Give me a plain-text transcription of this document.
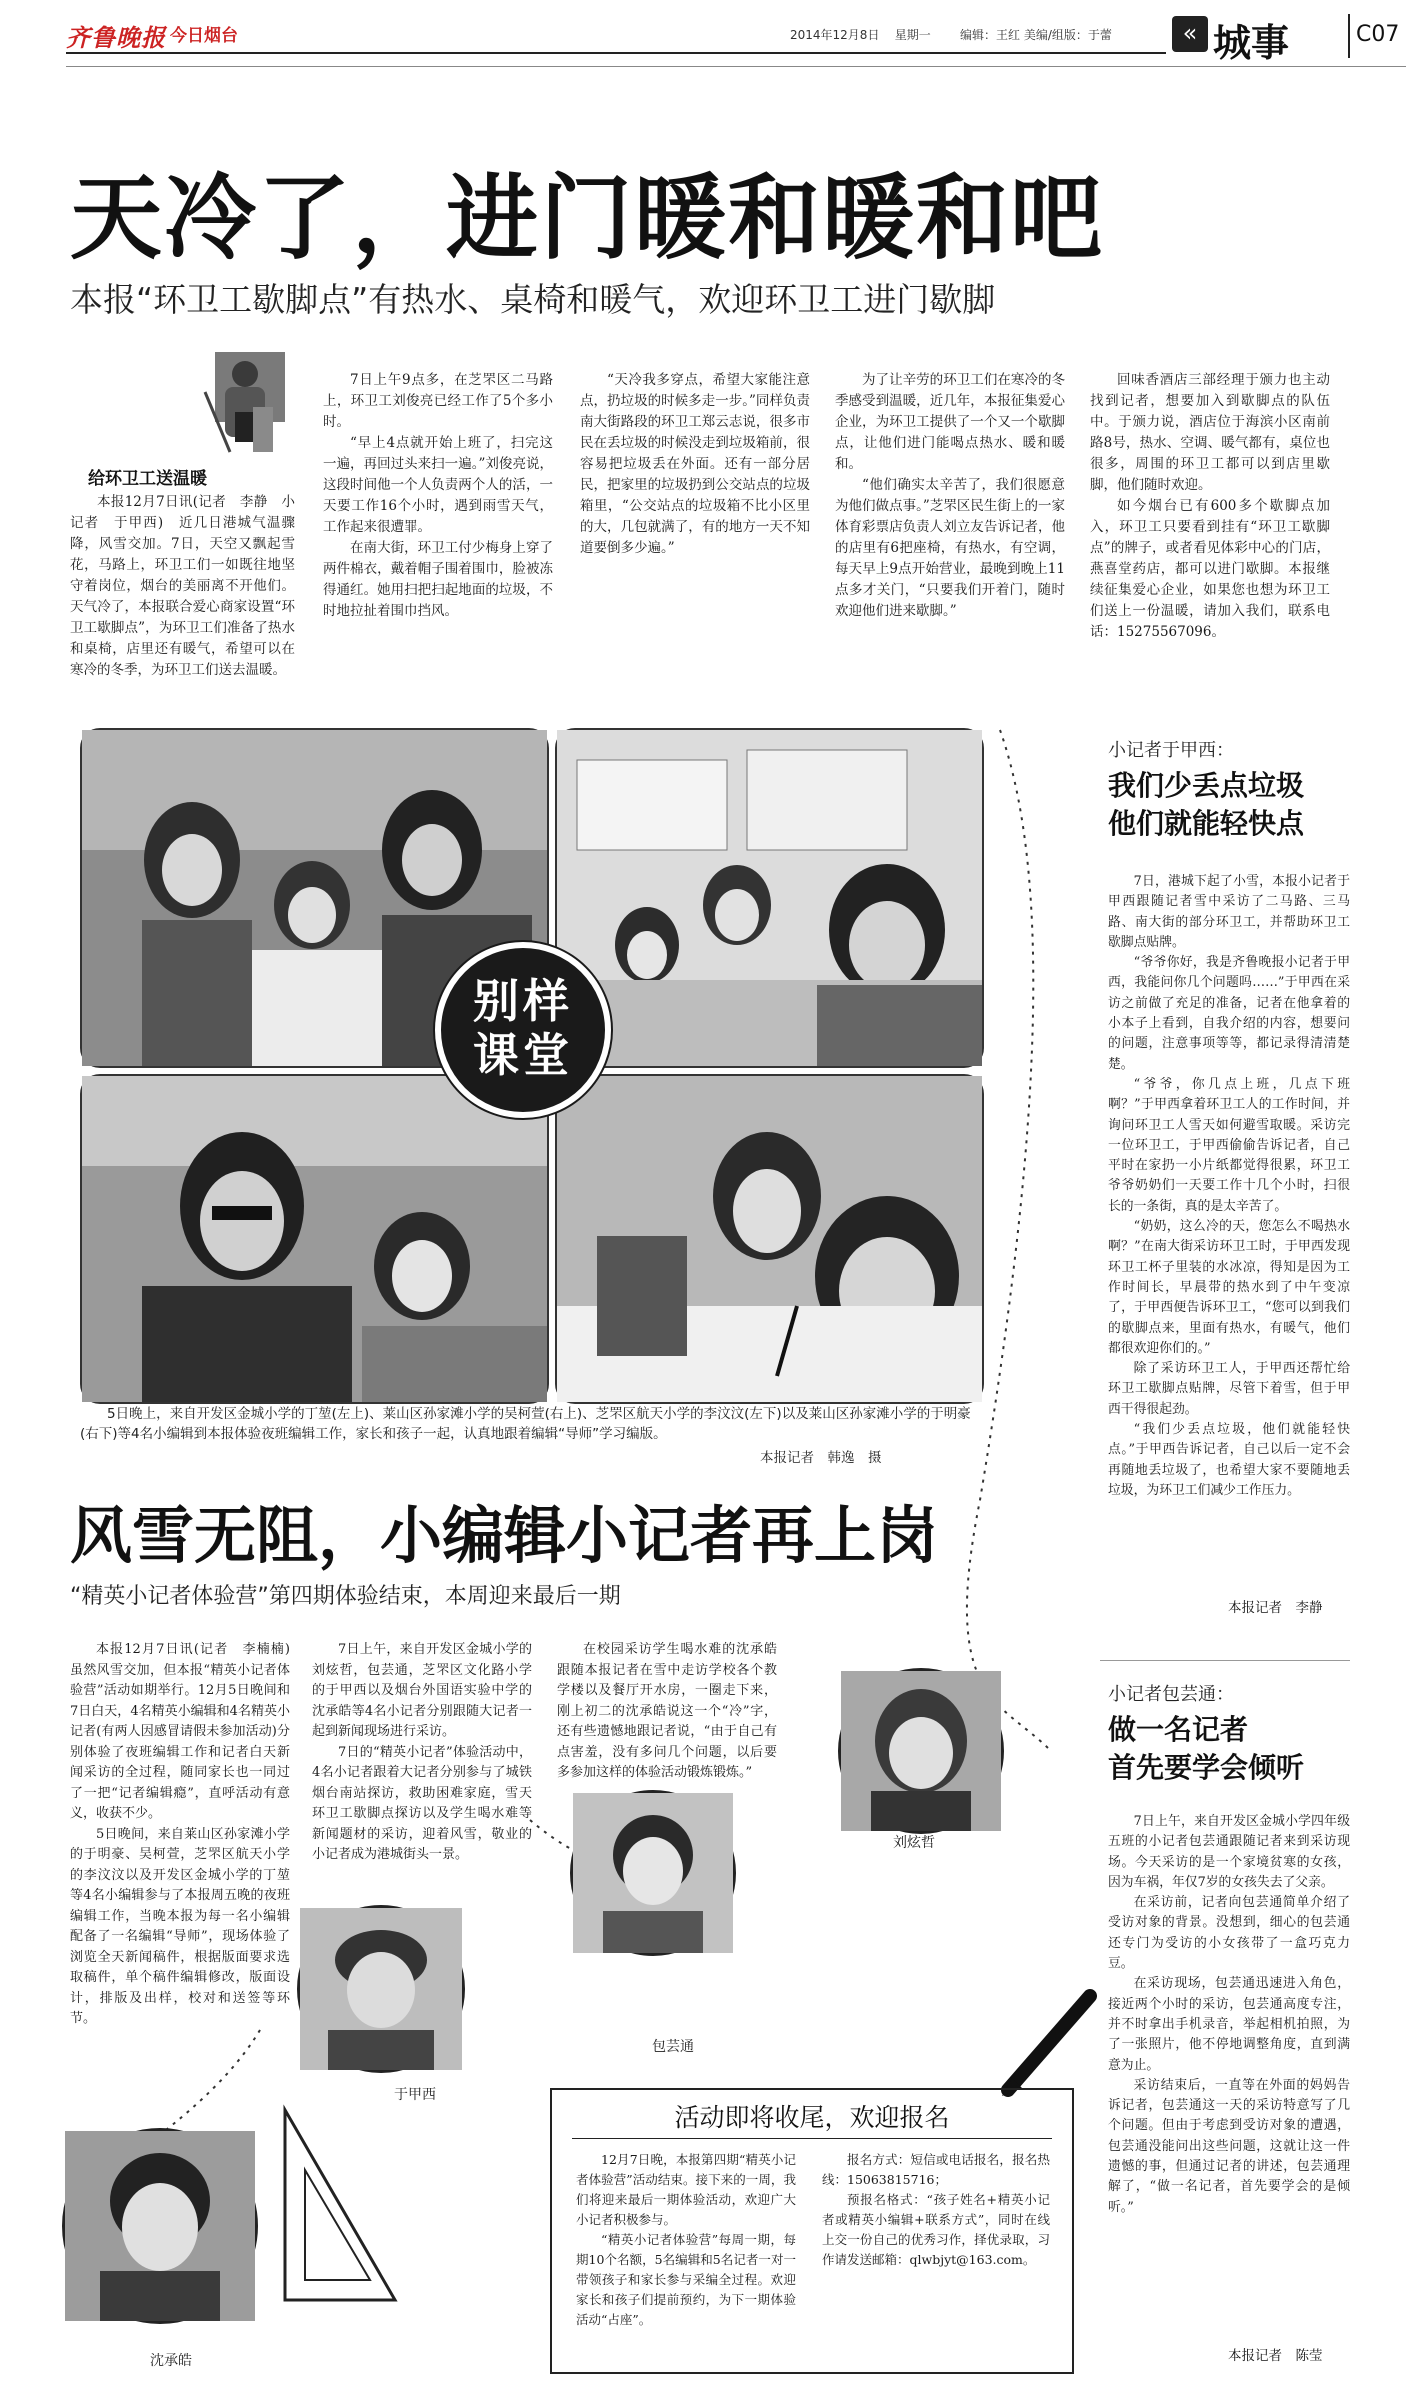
齐鲁晚报 今日烟台	2014年12月8日    星期一 编辑：王红 美编/组版：于蕾	« 城事	C07
天冷了，进门暖和暖和吧
本报“环卫工歇脚点”有热水、桌椅和暖气，欢迎环卫工进门歇脚
给环卫工送温暖
本报12月7日讯(记者　李静　小记者　于甲西)　近几日港城气温骤降，风雪交加。7日，天空又飘起雪花，马路上，环卫工们一如既往地坚守着岗位，烟台的美丽离不开他们。天气冷了，本报联合爱心商家设置“环卫工歇脚点”，为环卫工们准备了热水和桌椅，店里还有暖气，希望可以在寒冷的冬季，为环卫工们送去温暖。
7日上午9点多，在芝罘区二马路上，环卫工刘俊亮已经工作了5个多小时。
“早上4点就开始上班了，扫完这一遍，再回过头来扫一遍。”刘俊亮说，这段时间他一个人负责两个人的活，一天要工作16个小时，遇到雨雪天气，工作起来很遭罪。
在南大街，环卫工付少梅身上穿了两件棉衣，戴着帽子围着围巾，脸被冻得通红。她用扫把扫起地面的垃圾，不时地拉扯着围巾挡风。
“天冷我多穿点，希望大家能注意点，扔垃圾的时候多走一步。”同样负责南大街路段的环卫工郑云志说，很多市民在丢垃圾的时候没走到垃圾箱前，很容易把垃圾丢在外面。还有一部分居民，把家里的垃圾扔到公交站点的垃圾箱里，“公交站点的垃圾箱不比小区里的大，几包就满了，有的地方一天不知道要倒多少遍。”
为了让辛劳的环卫工们在寒冷的冬季感受到温暖，近几年，本报征集爱心企业，为环卫工提供了一个又一个歇脚点，让他们进门能喝点热水、暖和暖和。
“他们确实太辛苦了，我们很愿意为他们做点事。”芝罘区民生街上的一家体育彩票店负责人刘立友告诉记者，他的店里有6把座椅，有热水，有空调，每天早上9点开始营业，最晚到晚上11点多才关门，“只要我们开着门，随时欢迎他们进来歇脚。”
回味香酒店三部经理于颁力也主动找到记者，想要加入到歇脚点的队伍中。于颁力说，酒店位于海滨小区南前路8号，热水、空调、暖气都有，桌位也很多，周围的环卫工都可以到店里歇脚，他们随时欢迎。
如今烟台已有600多个歇脚点加入，环卫工只要看到挂有“环卫工歇脚点”的牌子，或者看见体彩中心的门店，燕喜堂药店，都可以进门歇脚。本报继续征集爱心企业，如果您也想为环卫工们送上一份温暖，请加入我们，联系电话：15275567096。
别样
课堂
5日晚上，来自开发区金城小学的丁堃(左上)、莱山区孙家滩小学的吴柯萱(右上)、芝罘区航天小学的李汶汶(左下)以及莱山区孙家滩小学的于明豪(右下)等4名小编辑到本报体验夜班编辑工作，家长和孩子一起，认真地跟着编辑“导师”学习编版。
本报记者　韩逸　摄
小记者于甲西：
我们少丢点垃圾
他们就能轻快点
7日，港城下起了小雪，本报小记者于甲西跟随记者雪中采访了二马路、三马路、南大街的部分环卫工，并帮助环卫工歇脚点贴牌。
“爷爷你好，我是齐鲁晚报小记者于甲西，我能问你几个问题吗……”于甲西在采访之前做了充足的准备，记者在他拿着的小本子上看到，自我介绍的内容，想要问的问题，注意事项等等，都记录得清清楚楚。
“爷爷，你几点上班，几点下班啊？”于甲西拿着环卫工人的工作时间，并询问环卫工人雪天如何避雪取暖。采访完一位环卫工，于甲西偷偷告诉记者，自己平时在家扔一小片纸都觉得很累，环卫工爷爷奶奶们一天要工作十几个小时，扫很长的一条街，真的是太辛苦了。
“奶奶，这么冷的天，您怎么不喝热水啊？”在南大街采访环卫工时，于甲西发现环卫工杯子里装的水冰凉，得知是因为工作时间长，早晨带的热水到了中午变凉了，于甲西便告诉环卫工，“您可以到我们的歇脚点来，里面有热水，有暖气，他们都很欢迎你们的。”
除了采访环卫工人，于甲西还帮忙给环卫工歇脚点贴牌，尽管下着雪，但于甲西干得很起劲。
“我们少丢点垃圾，他们就能轻快点。”于甲西告诉记者，自己以后一定不会再随地丢垃圾了，也希望大家不要随地丢垃圾，为环卫工们减少工作压力。
本报记者　李静
风雪无阻，小编辑小记者再上岗
“精英小记者体验营”第四期体验结束，本周迎来最后一期
本报12月7日讯(记者　李楠楠)　虽然风雪交加，但本报“精英小记者体验营”活动如期举行。12月5日晚间和7日白天，4名精英小编辑和4名精英小记者(有两人因感冒请假未参加活动)分别体验了夜班编辑工作和记者白天新闻采访的全过程，随同家长也一同过了一把“记者编辑瘾”，直呼活动有意义，收获不少。
5日晚间，来自莱山区孙家滩小学的于明豪、吴柯萱，芝罘区航天小学的李汶汶以及开发区金城小学的丁堃等4名小编辑参与了本报周五晚的夜班编辑工作，当晚本报为每一名小编辑配备了一名编辑“导师”，现场体验了浏览全天新闻稿件，根据版面要求选取稿件，单个稿件编辑修改，版面设计，排版及出样，校对和送签等环节。
7日上午，来自开发区金城小学的刘炫哲，包芸通，芝罘区文化路小学的于甲西以及烟台外国语实验中学的沈承皓等4名小记者分别跟随大记者一起到新闻现场进行采访。
7日的“精英小记者”体验活动中，4名小记者跟着大记者分别参与了城铁烟台南站探访，救助困难家庭，雪天环卫工歇脚点探访以及学生喝水难等新闻题材的采访，迎着风雪，敬业的小记者成为港城街头一景。
在校园采访学生喝水难的沈承皓跟随本报记者在雪中走访学校各个教学楼以及餐厅开水房，一圈走下来，刚上初二的沈承皓说这一个“冷”字，还有些遗憾地跟记者说，“由于自己有点害羞，没有多问几个问题，以后要多参加这样的体验活动锻炼锻炼。”
刘炫哲
包芸通
于甲西
沈承皓
活动即将收尾，欢迎报名
12月7日晚，本报第四期“精英小记者体验营”活动结束。接下来的一周，我们将迎来最后一期体验活动，欢迎广大小记者积极参与。
“精英小记者体验营”每周一期，每期10个名额，5名编辑和5名记者一对一带领孩子和家长参与采编全过程。欢迎家长和孩子们提前预约，为下一期体验活动“占座”。
报名方式：短信或电话报名，报名热线：15063815716；
预报名格式：“孩子姓名+精英小记者或精英小编辑+联系方式”，同时在线上交一份自己的优秀习作，择优录取，习作请发送邮箱：qlwbjyt@163.com。
小记者包芸通：
做一名记者
首先要学会倾听
7日上午，来自开发区金城小学四年级五班的小记者包芸通跟随记者来到采访现场。今天采访的是一个家境贫寒的女孩，因为车祸，年仅7岁的女孩失去了父亲。
在采访前，记者向包芸通简单介绍了受访对象的背景。没想到，细心的包芸通还专门为受访的小女孩带了一盒巧克力豆。
在采访现场，包芸通迅速进入角色，接近两个小时的采访，包芸通高度专注，并不时拿出手机录音，举起相机拍照，为了一张照片，他不停地调整角度，直到满意为止。
采访结束后，一直等在外面的妈妈告诉记者，包芸通这一天的采访特意写了几个问题。但由于考虑到受访对象的遭遇，包芸通没能问出这些问题，这就让这一件遗憾的事，但通过记者的讲述，包芸通理解了，“做一名记者，首先要学会的是倾听。”
本报记者　陈莹
